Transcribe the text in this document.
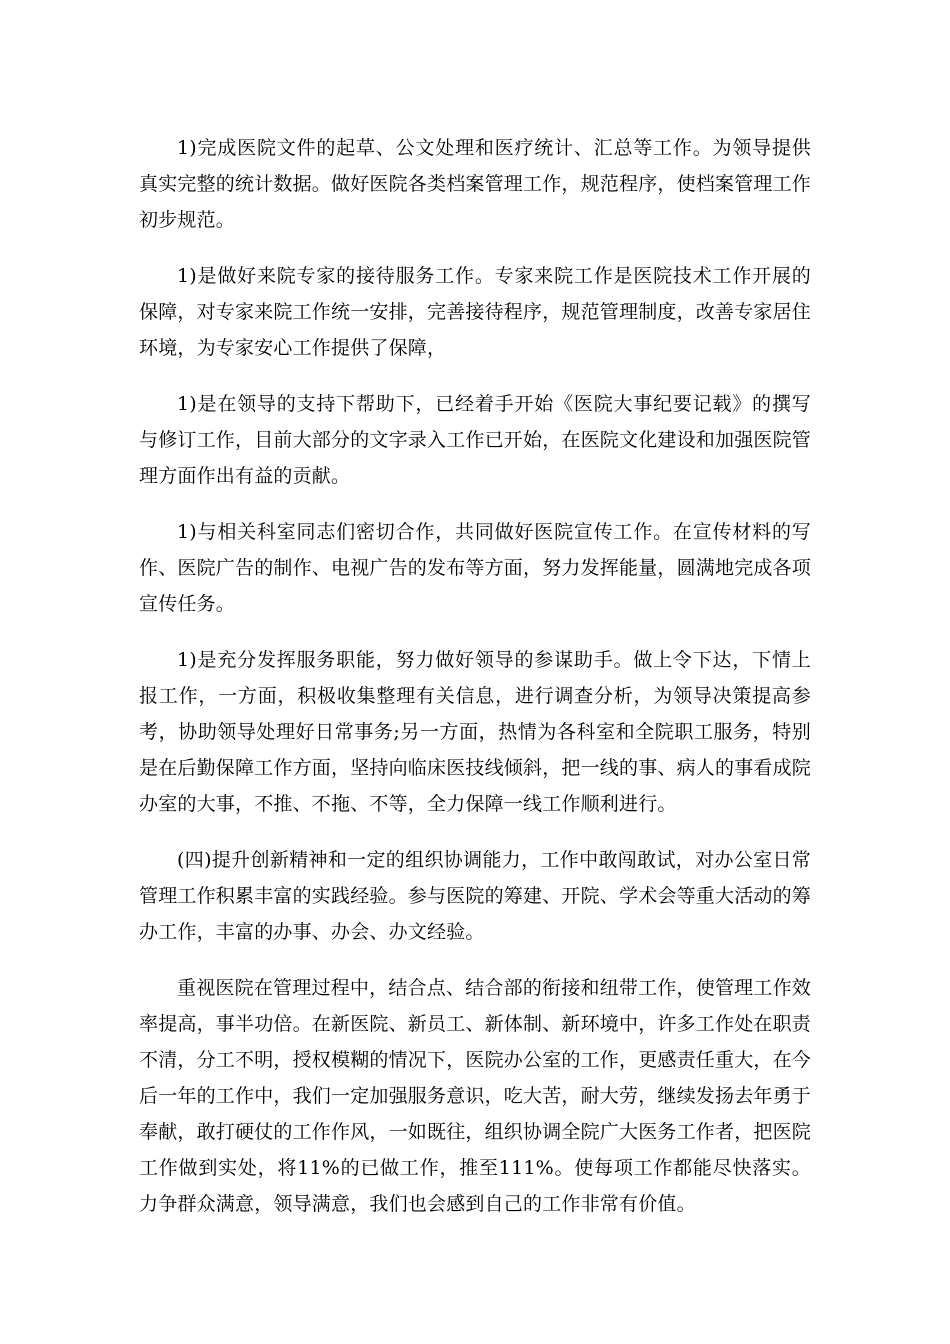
1)完成医院文件的起草、公文处理和医疗统计、汇总等工作。为领导提供真实完整的统计数据。做好医院各类档案管理工作，规范程序，使档案管理工作初步规范。

1)是做好来院专家的接待服务工作。专家来院工作是医院技术工作开展的保障，对专家来院工作统一安排，完善接待程序，规范管理制度，改善专家居住环境，为专家安心工作提供了保障，

1)是在领导的支持下帮助下，已经着手开始《医院大事纪要记载》的撰写与修订工作，目前大部分的文字录入工作已开始，在医院文化建设和加强医院管理方面作出有益的贡献。

1)与相关科室同志们密切合作，共同做好医院宣传工作。在宣传材料的写作、医院广告的制作、电视广告的发布等方面，努力发挥能量，圆满地完成各项宣传任务。

1)是充分发挥服务职能，努力做好领导的参谋助手。做上令下达，下情上报工作，一方面，积极收集整理有关信息，进行调查分析，为领导决策提高参考，协助领导处理好日常事务;另一方面，热情为各科室和全院职工服务，特别是在后勤保障工作方面，坚持向临床医技线倾斜，把一线的事、病人的事看成院办室的大事，不推、不拖、不等，全力保障一线工作顺利进行。

(四)提升创新精神和一定的组织协调能力，工作中敢闯敢试，对办公室日常管理工作积累丰富的实践经验。参与医院的筹建、开院、学术会等重大活动的筹办工作，丰富的办事、办会、办文经验。

重视医院在管理过程中，结合点、结合部的衔接和纽带工作，使管理工作效率提高，事半功倍。在新医院、新员工、新体制、新环境中，许多工作处在职责不清，分工不明，授权模糊的情况下，医院办公室的工作，更感责任重大，在今后一年的工作中，我们一定加强服务意识，吃大苦，耐大劳，继续发扬去年勇于奉献，敢打硬仗的工作作风，一如既往，组织协调全院广大医务工作者，把医院工作做到实处，将11%的已做工作，推至111%。使每项工作都能尽快落实。力争群众满意，领导满意，我们也会感到自己的工作非常有价值。
